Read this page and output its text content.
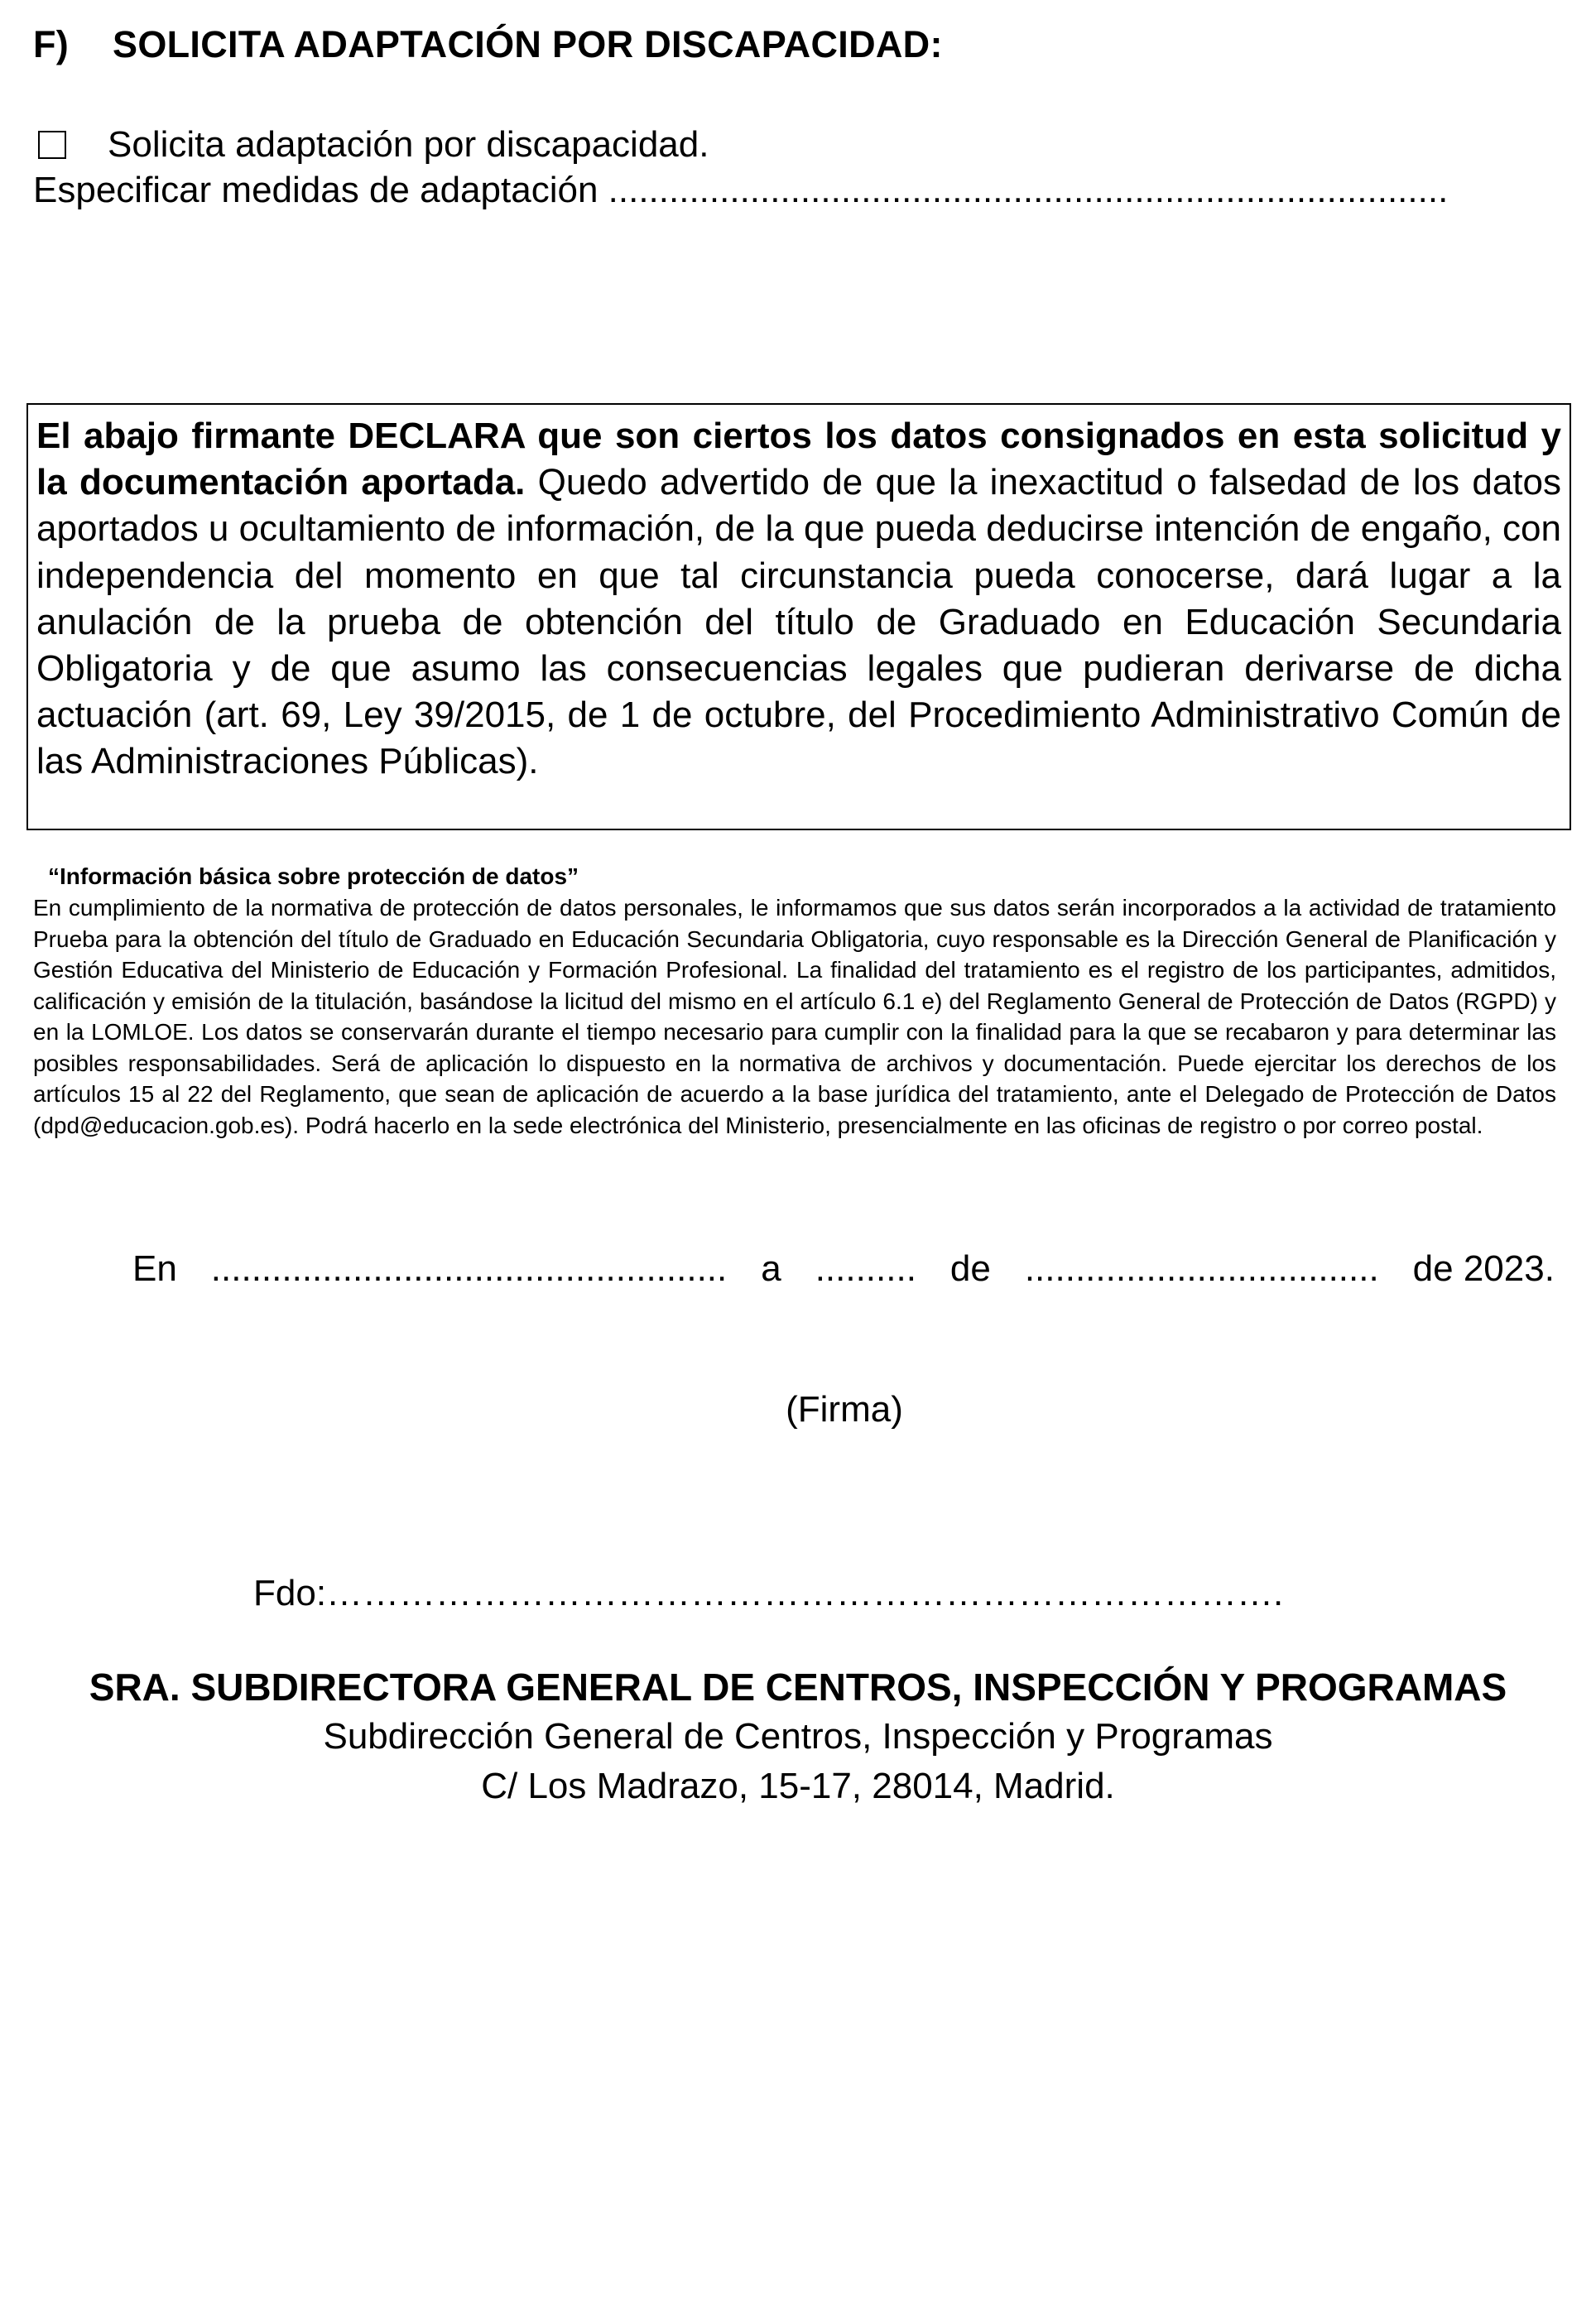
F) SOLICITA ADAPTACIÓN POR DISCAPACIDAD:
Solicita adaptación por discapacidad.
Especificar medidas de adaptación ...................................................................................
El abajo firmante DECLARA que son ciertos los datos consignados en esta solicitud y la documentación aportada. Quedo advertido de que la inexactitud o falsedad de los datos aportados u ocultamiento de información, de la que pueda deducirse intención de engaño, con independencia del momento en que tal circunstancia pueda conocerse, dará lugar a la anulación de la prueba de obtención del título de Graduado en Educación Secundaria Obligatoria y de que asumo las consecuencias legales que pudieran derivarse de dicha actuación (art. 69, Ley 39/2015, de 1 de octubre, del Procedimiento Administrativo Común de las Administraciones Públicas).
“Información básica sobre protección de datos”
En cumplimiento de la normativa de protección de datos personales, le informamos que sus datos serán incorporados a la actividad de tratamiento Prueba para la obtención del título de Graduado en Educación Secundaria Obligatoria, cuyo responsable es la Dirección General de Planificación y Gestión Educativa del Ministerio de Educación y Formación Profesional. La finalidad del tratamiento es el registro de los participantes, admitidos, calificación y emisión de la titulación, basándose la licitud del mismo en el artículo 6.1 e) del Reglamento General de Protección de Datos (RGPD) y en la LOMLOE. Los datos se conservarán durante el tiempo necesario para cumplir con la finalidad para la que se recabaron y para determinar las posibles responsabilidades. Será de aplicación lo dispuesto en la normativa de archivos y documentación. Puede ejercitar los derechos de los artículos 15 al 22 del Reglamento, que sean de aplicación de acuerdo a la base jurídica del tratamiento, ante el Delegado de Protección de Datos (dpd@educacion.gob.es). Podrá hacerlo en la sede electrónica del Ministerio, presencialmente en las oficinas de registro o por correo postal.
En ................................................... a .......... de ................................... de 2023.
(Firma)
Fdo:…………………………………………………………………….
SRA. SUBDIRECTORA GENERAL DE CENTROS, INSPECCIÓN Y PROGRAMAS
Subdirección General de Centros, Inspección y Programas
C/ Los Madrazo, 15-17, 28014, Madrid.
